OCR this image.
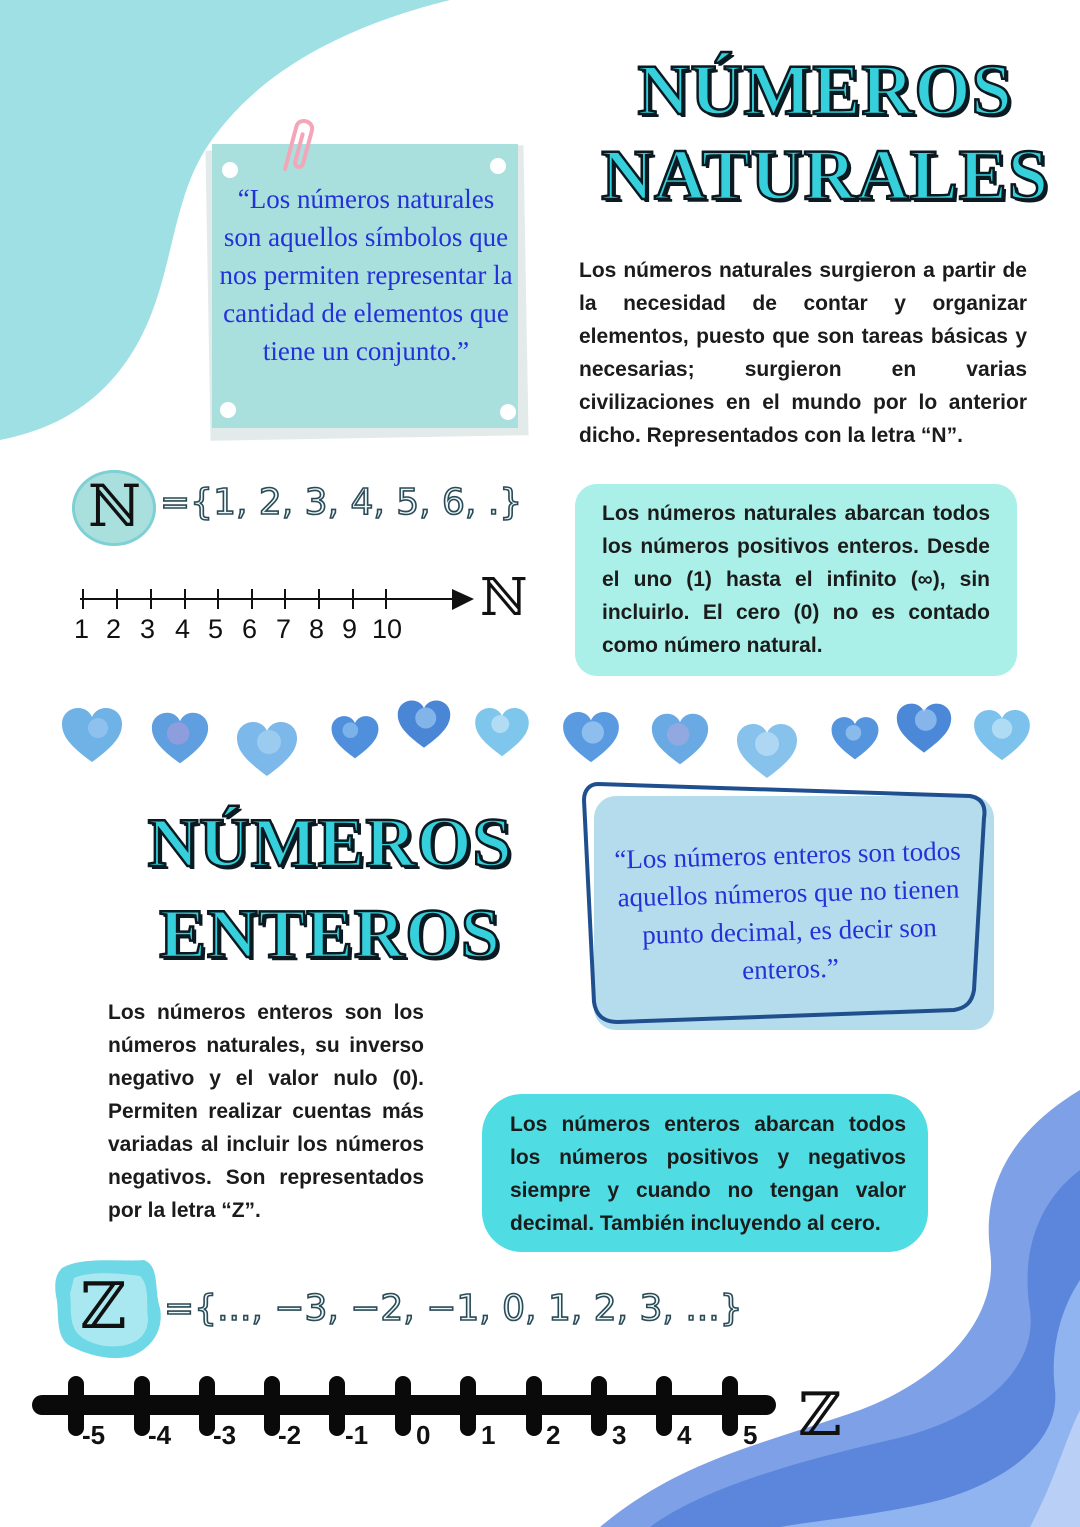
“Los números naturales son aquellos símbolos que nos permiten representar la cantidad de elementos que tiene un conjunto.”
NÚMEROS
NATURALES
Los números naturales surgieron a partir de la necesidad de contar y organizar elementos, puesto que son tareas básicas y necesarias; surgieron en varias civilizaciones en el mundo por lo anterior dicho. Representados con la letra “N”.
ℕ ={1, 2, 3, 4, 5, 6, .}
1 2 3 4 5 6 7 8 9 10
ℕ
Los números naturales abarcan todos los números positivos enteros. Desde el uno (1) hasta el infinito (∞), sin incluirlo. El cero (0) no es contado como número natural.
NÚMEROS
ENTEROS
“Los números enteros son todos aquellos números que no tienen punto decimal, es decir son enteros.”
Los números enteros son los números naturales, su inverso negativo y el valor nulo (0). Permiten realizar cuentas más variadas al incluir los números negativos. Son representados por la letra “Z”.
Los números enteros abarcan todos los números positivos y negativos siempre y cuando no tengan valor decimal. También incluyendo al cero.
ℤ ={..., −3, −2, −1, 0, 1, 2, 3, ...}
-5 -4 -3 -2 -1 0 1 2 3 4 5 ℤ
